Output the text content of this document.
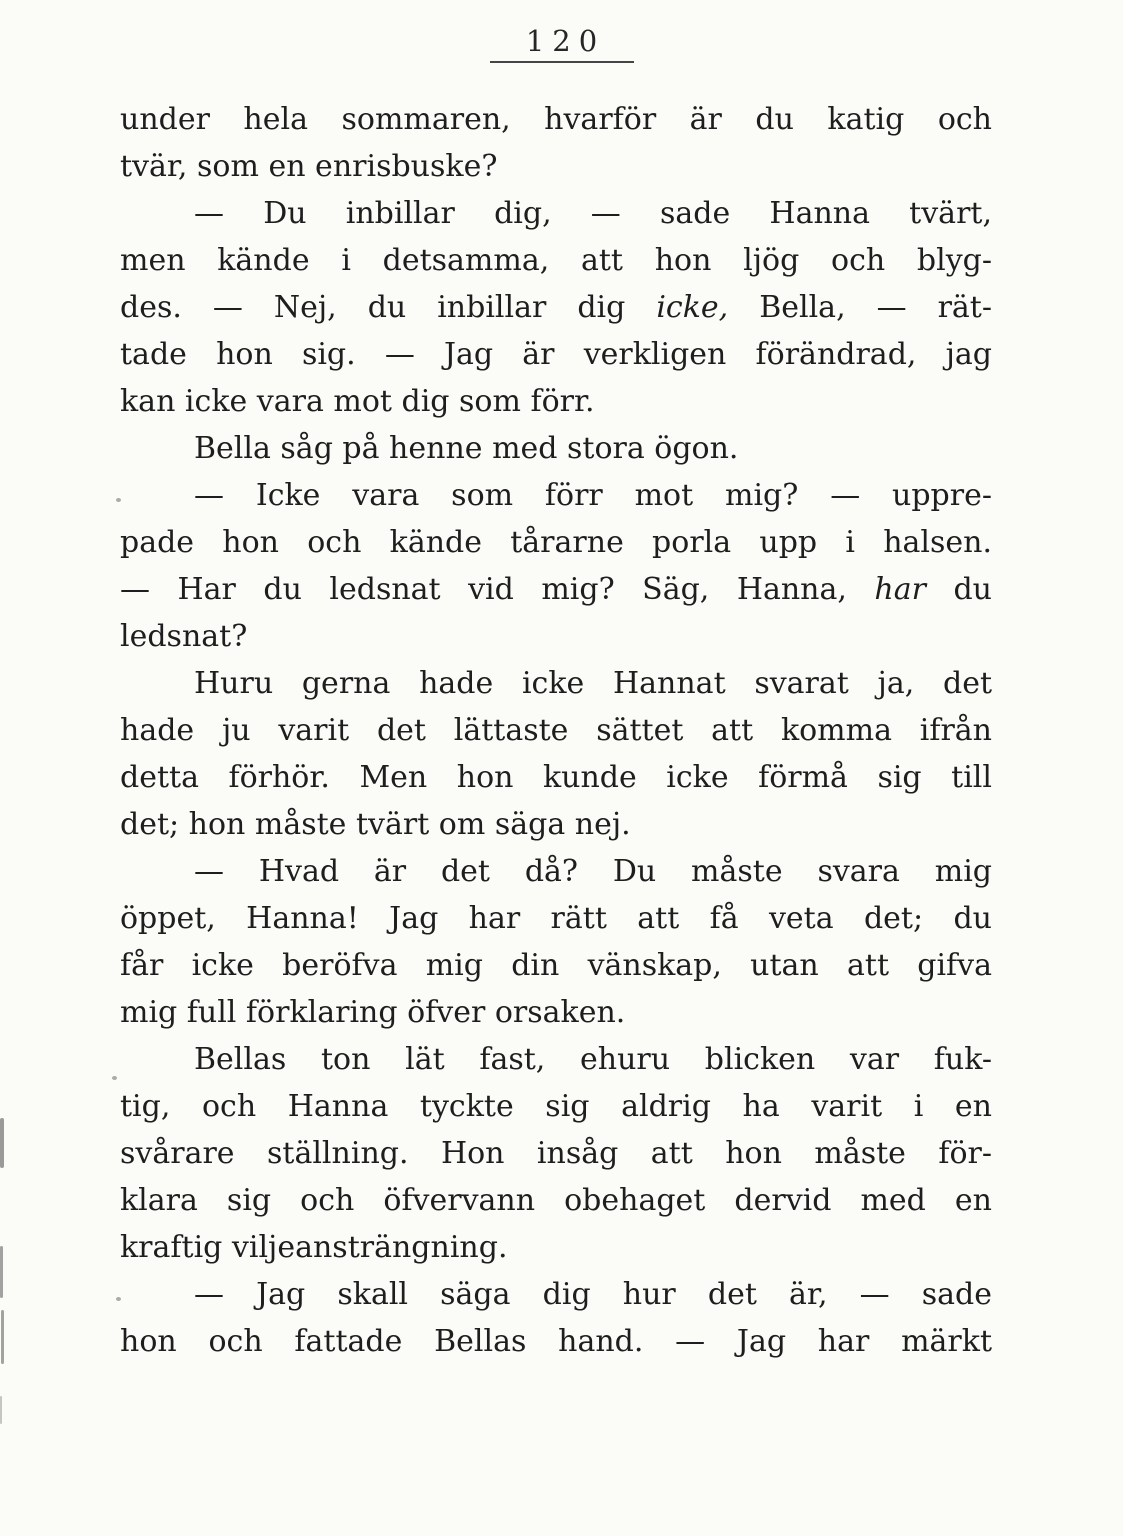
120
under hela sommaren, hvarför är du katig och
tvär, som en enrisbuske?
— Du inbillar dig, — sade Hanna tvärt,
men kände i detsamma, att hon ljög och blyg-
des. — Nej, du inbillar dig icke, Bella, — rät-
tade hon sig. — Jag är verkligen förändrad, jag
kan icke vara mot dig som förr.
Bella såg på henne med stora ögon.
— Icke vara som förr mot mig? — uppre-
pade hon och kände tårarne porla upp i halsen.
— Har du ledsnat vid mig? Säg, Hanna, har du
ledsnat?
Huru gerna hade icke Hannat svarat ja, det
hade ju varit det lättaste sättet att komma ifrån
detta förhör. Men hon kunde icke förmå sig till
det; hon måste tvärt om säga nej.
— Hvad är det då? Du måste svara mig
öppet, Hanna! Jag har rätt att få veta det; du
får icke beröfva mig din vänskap, utan att gifva
mig full förklaring öfver orsaken.
Bellas ton lät fast, ehuru blicken var fuk-
tig, och Hanna tyckte sig aldrig ha varit i en
svårare ställning. Hon insåg att hon måste för-
klara sig och öfvervann obehaget dervid med en
kraftig viljeansträngning.
— Jag skall säga dig hur det är, — sade
hon och fattade Bellas hand. — Jag har märkt
